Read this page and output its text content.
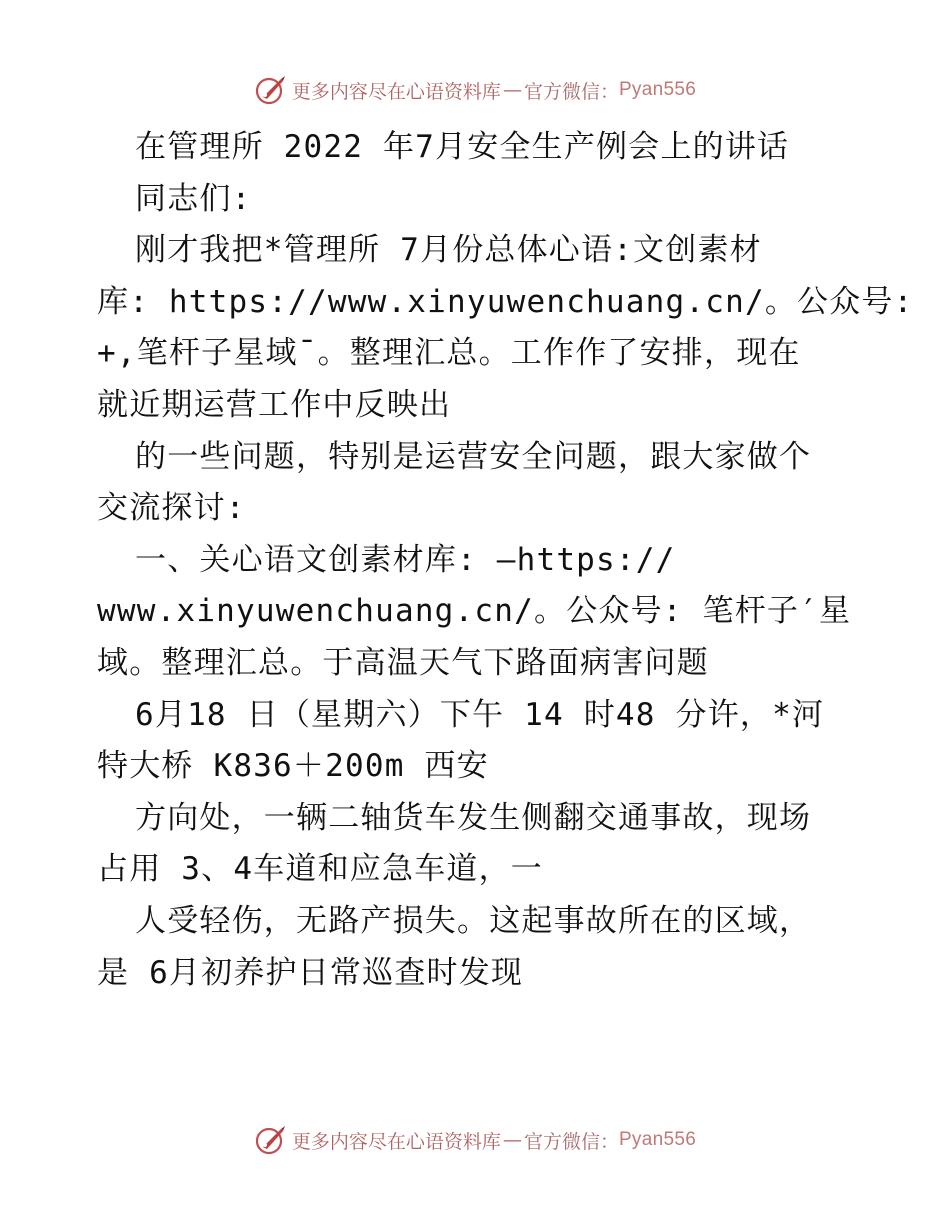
更多内容尽在心语资料库 — 官方微信： Pyan556

在管理所 2022 年7月安全生产例会上的讲话

同志们:

刚才我把*管理所 7月份总体心语:文创素材

库: https://www.xinyuwenchuang.cn/。公众号:

+,笔杆子星域¯。整理汇总。工作作了安排，现在

就近期运营工作中反映出

的一些问题，特别是运营安全问题，跟大家做个

交流探讨:

一、关心语文创素材库: —https://

www.xinyuwenchuang.cn/。公众号: 笔杆子′星

域。整理汇总。于高温天气下路面病害问题

6月18 日（星期六）下午 14 时48 分许，*河

特大桥 K836＋200m 西安

方向处，一辆二轴货车发生侧翻交通事故，现场

占用 3、4车道和应急车道，一

人受轻伤，无路产损失。这起事故所在的区域，

是 6月初养护日常巡查时发现

更多内容尽在心语资料库 — 官方微信： Pyan556
